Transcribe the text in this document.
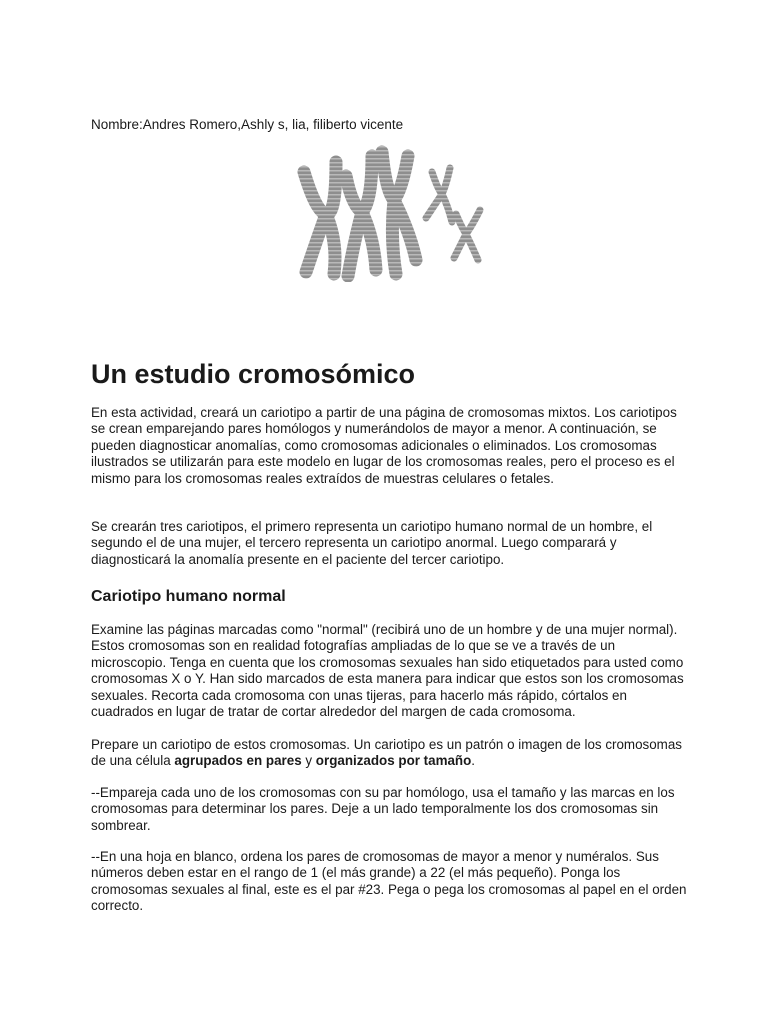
Nombre:Andres Romero,Ashly s, lia, filiberto vicente
Un estudio cromosómico

En esta actividad, creará un cariotipo a partir de una página de cromosomas mixtos. Los cariotipos se crean emparejando pares homólogos y numerándolos de mayor a menor. A continuación, se pueden diagnosticar anomalías, como cromosomas adicionales o eliminados. Los cromosomas ilustrados se utilizarán para este modelo en lugar de los cromosomas reales, pero el proceso es el mismo para los cromosomas reales extraídos de muestras celulares o fetales.

Se crearán tres cariotipos, el primero representa un cariotipo humano normal de un hombre, el segundo el de una mujer, el tercero representa un cariotipo anormal. Luego comparará y diagnosticará la anomalía presente en el paciente del tercer cariotipo.

Cariotipo humano normal

Examine las páginas marcadas como "normal" (recibirá uno de un hombre y de una mujer normal). Estos cromosomas son en realidad fotografías ampliadas de lo que se ve a través de un microscopio. Tenga en cuenta que los cromosomas sexuales han sido etiquetados para usted como cromosomas X o Y. Han sido marcados de esta manera para indicar que estos son los cromosomas sexuales. Recorta cada cromosoma con unas tijeras, para hacerlo más rápido, córtalos en cuadrados en lugar de tratar de cortar alrededor del margen de cada cromosoma.

Prepare un cariotipo de estos cromosomas. Un cariotipo es un patrón o imagen de los cromosomas de una célula agrupados en pares y organizados por tamaño.

--Empareja cada uno de los cromosomas con su par homólogo, usa el tamaño y las marcas en los cromosomas para determinar los pares. Deje a un lado temporalmente los dos cromosomas sin sombrear.

--En una hoja en blanco, ordena los pares de cromosomas de mayor a menor y numéralos. Sus números deben estar en el rango de 1 (el más grande) a 22 (el más pequeño). Ponga los cromosomas sexuales al final, este es el par #23. Pega o pega los cromosomas al papel en el orden correcto.
